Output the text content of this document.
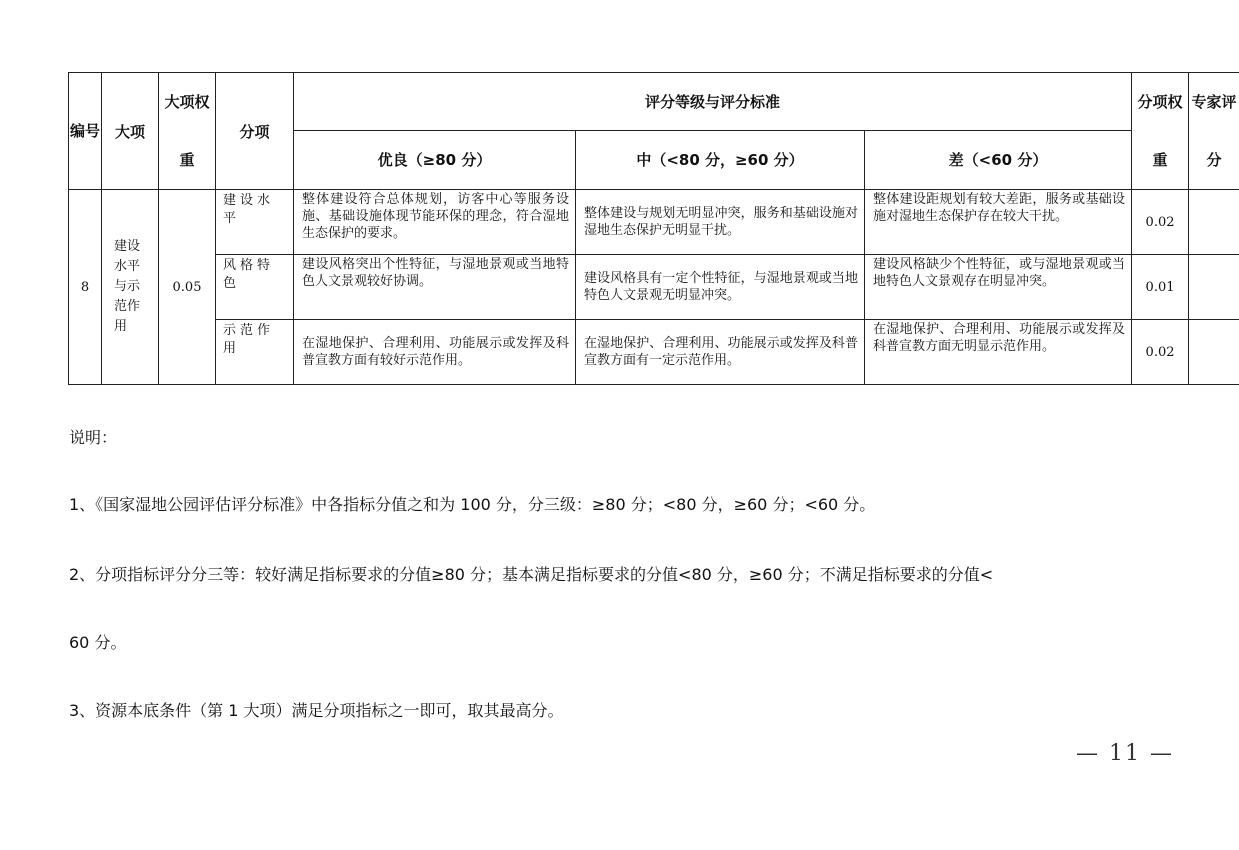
编号	大项	大项权重	分项	评分等级与评分标准			分项权重	专家评分
				优良（≥80 分）	中（<80 分，≥60 分）	差（<60 分）		
8	建设水平与示范作用	0.05	建设水平	整体建设符合总体规划，访客中心等服务设施、基础设施体现节能环保的理念，符合湿地生态保护的要求。	整体建设与规划无明显冲突，服务和基础设施对湿地生态保护无明显干扰。	整体建设距规划有较大差距，服务或基础设施对湿地生态保护存在较大干扰。	0.02	
			风格特色	建设风格突出个性特征，与湿地景观或当地特色人文景观较好协调。	建设风格具有一定个性特征，与湿地景观或当地特色人文景观无明显冲突。	建设风格缺少个性特征，或与湿地景观或当地特色人文景观存在明显冲突。	0.01	
			示范作用	在湿地保护、合理利用、功能展示或发挥及科普宣教方面有较好示范作用。	在湿地保护、合理利用、功能展示或发挥及科普宣教方面有一定示范作用。	在湿地保护、合理利用、功能展示或发挥及科普宣教方面无明显示范作用。	0.02	

说明：

1、《国家湿地公园评估评分标准》中各指标分值之和为 100 分，分三级：≥80 分；<80 分，≥60 分；<60 分。

2、分项指标评分分三等：较好满足指标要求的分值≥80 分；基本满足指标要求的分值<80 分，≥60 分；不满足指标要求的分值<

60 分。

3、资源本底条件（第 1 大项）满足分项指标之一即可，取其最高分。

— 11 —
